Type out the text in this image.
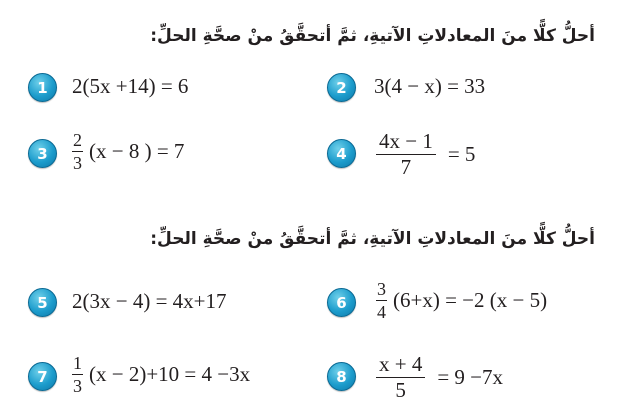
أحلُّ كلًّا منَ المعادلاتِ الآتيةِ، ثمَّ أتحقَّقُ منْ صحَّةِ الحلِّ:
1	2(5x +14) = 6	2	3(4 − x) = 33
3	$\frac{2}{3} (x - 8$ ) = 7	4	$\frac{4x - 1}{7} = 5$
أحلُّ كلًّا منَ المعادلاتِ الآتيةِ، ثمَّ أتحقَّقُ منْ صحَّةِ الحلِّ:
5	2(3x − 4) = 4x+17	6	$\frac{3}{4} (6+x) = -2$ (x − 5)
7	$\frac{1}{3} (x - 2)+10 = 4 -3x$	8	$\frac{x + 4}{5} = 9 -7x$
